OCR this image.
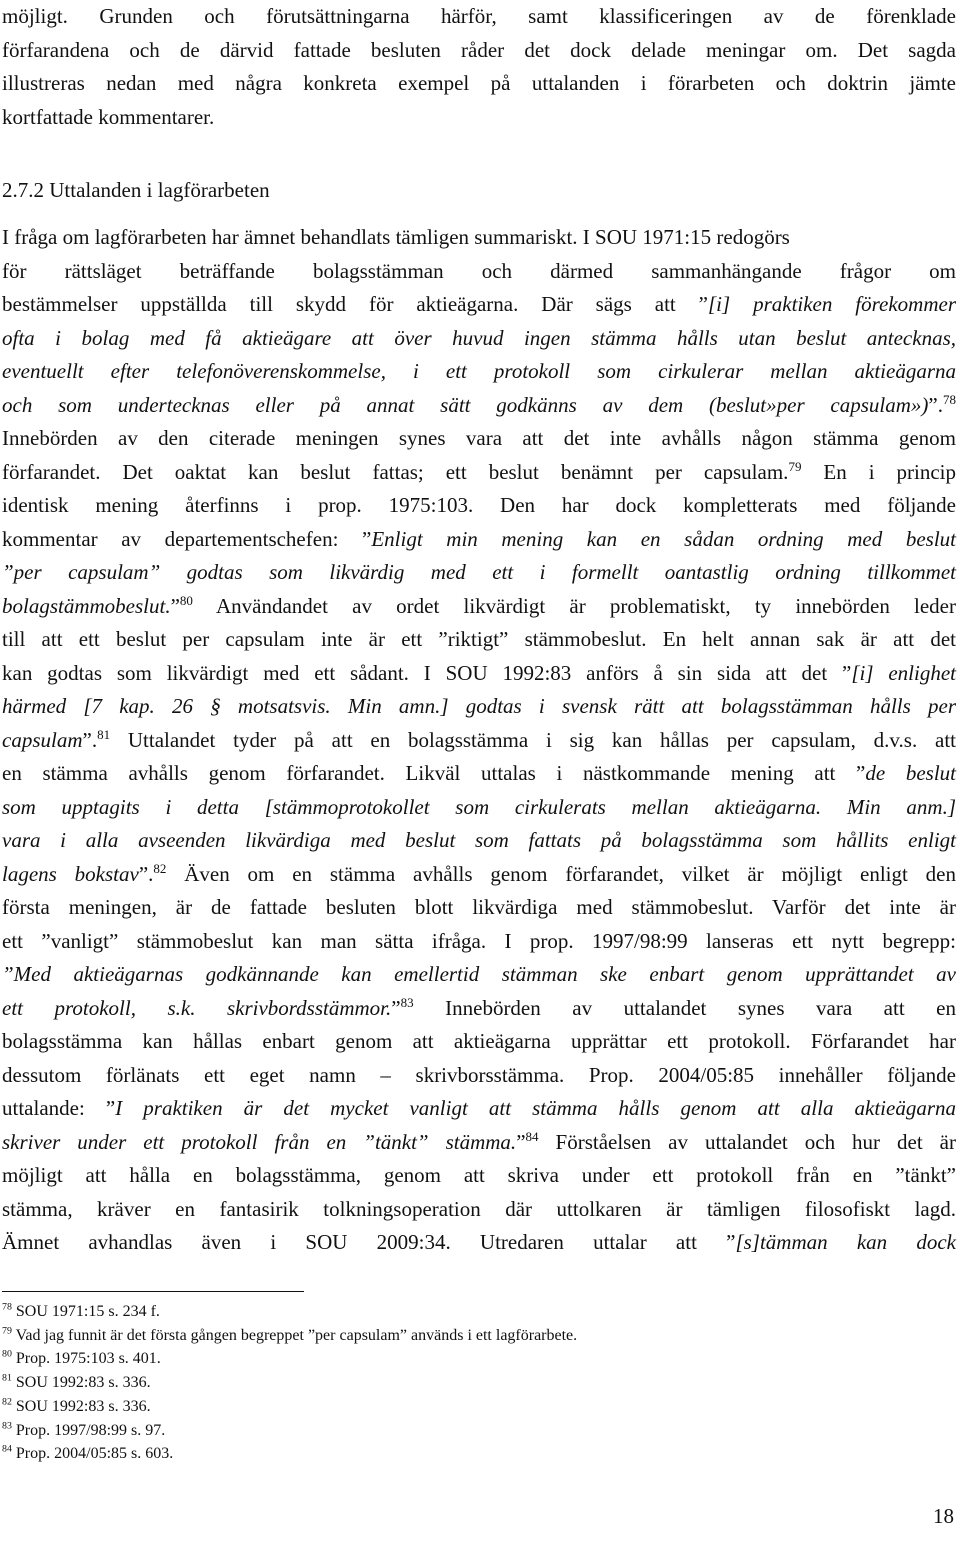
möjligt. Grunden och förutsättningarna härför, samt klassificeringen av de förenklade
förfarandena och de därvid fattade besluten råder det dock delade meningar om. Det sagda
illustreras nedan med några konkreta exempel på uttalanden i förarbeten och doktrin jämte
kortfattade kommentarer.
2.7.2 Uttalanden i lagförarbeten
I fråga om lagförarbeten har ämnet behandlats tämligen summariskt. I SOU 1971:15 redogörs
för rättsläget beträffande bolagsstämman och därmed sammanhängande frågor om
bestämmelser uppställda till skydd för aktieägarna. Där sägs att ”[i] praktiken förekommer
ofta i bolag med få aktieägare att över huvud ingen stämma hålls utan beslut antecknas,
eventuellt efter telefonöverenskommelse, i ett protokoll som cirkulerar mellan aktieägarna
och som undertecknas eller på annat sätt godkänns av dem (beslut»per capsulam»)”.$^{78}$
Innebörden av den citerade meningen synes vara att det inte avhålls någon stämma genom
förfarandet. Det oaktat kan beslut fattas; ett beslut benämnt per capsulam.$^{79}$ En i princip
identisk mening återfinns i prop. 1975:103. Den har dock kompletterats med följande
kommentar av departementschefen: ”Enligt min mening kan en sådan ordning med beslut
”per capsulam” godtas som likvärdig med ett i formellt oantastlig ordning tillkommet
bolagstämmobeslut.”$^{80}$ Användandet av ordet likvärdigt är problematiskt, ty innebörden leder
till att ett beslut per capsulam inte är ett ”riktigt” stämmobeslut. En helt annan sak är att det
kan godtas som likvärdigt med ett sådant. I SOU 1992:83 anförs å sin sida att det ”[i] enlighet
härmed [7 kap. 26 § motsatsvis. Min amn.] godtas i svensk rätt att bolagsstämman hålls per
capsulam”.$^{81}$ Uttalandet tyder på att en bolagsstämma i sig kan hållas per capsulam, d.v.s. att
en stämma avhålls genom förfarandet. Likväl uttalas i nästkommande mening att ”de beslut
som upptagits i detta [stämmoprotokollet som cirkulerats mellan aktieägarna. Min anm.]
vara i alla avseenden likvärdiga med beslut som fattats på bolagsstämma som hållits enligt
lagens bokstav”.$^{82}$ Även om en stämma avhålls genom förfarandet, vilket är möjligt enligt den
första meningen, är de fattade besluten blott likvärdiga med stämmobeslut. Varför det inte är
ett ”vanligt” stämmobeslut kan man sätta ifråga. I prop. 1997/98:99 lanseras ett nytt begrepp:
”Med aktieägarnas godkännande kan emellertid stämman ske enbart genom upprättandet av
ett protokoll, s.k. skrivbordsstämmor.”$^{83}$ Innebörden av uttalandet synes vara att en
bolagsstämma kan hållas enbart genom att aktieägarna upprättar ett protokoll. Förfarandet har
dessutom förlänats ett eget namn – skrivborsstämma. Prop. 2004/05:85 innehåller följande
uttalande: ”I praktiken är det mycket vanligt att stämma hålls genom att alla aktieägarna
skriver under ett protokoll från en ”tänkt” stämma.”$^{84}$ Förståelsen av uttalandet och hur det är
möjligt att hålla en bolagsstämma, genom att skriva under ett protokoll från en ”tänkt”
stämma, kräver en fantasirik tolkningsoperation där uttolkaren är tämligen filosofiskt lagd.
Ämnet avhandlas även i SOU 2009:34. Utredaren uttalar att ”[s]tämman kan dock
$^{78}$ SOU 1971:15 s. 234 f.
$^{79}$ Vad jag funnit är det första gången begreppet ”per capsulam” används i ett lagförarbete.
$^{80}$ Prop. 1975:103 s. 401.
$^{81}$ SOU 1992:83 s. 336.
$^{82}$ SOU 1992:83 s. 336.
$^{83}$ Prop. 1997/98:99 s. 97.
$^{84}$ Prop. 2004/05:85 s. 603.
18
